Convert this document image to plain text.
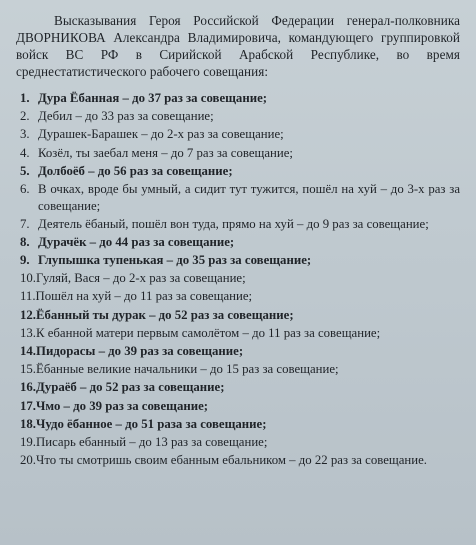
Высказывания Героя Российской Федерации генерал-полковника ДВОРНИКОВА Александра Владимировича, командующего группировкой войск ВС РФ в Сирийской Арабской Республике, во время среднестатистического рабочего совещания:

1. Дура Ёбанная – до 37 раз за совещание;
2. Дебил – до 33 раз за совещание;
3. Дурашек-Барашек – до 2-х раз за совещание;
4. Козёл, ты заебал меня – до 7 раз за совещание;
5. Долбоёб – до 56 раз за совещание;
6. В очках, вроде бы умный, а сидит тут тужится, пошёл на хуй – до 3-х раз за совещание;
7. Деятель ёбаный, пошёл вон туда, прямо на хуй – до 9 раз за совещание;
8. Дурачёк – до 44 раз за совещание;
9. Глупышка тупенькая – до 35 раз за совещание;
10. Гуляй, Вася – до 2-х раз за совещание;
11. Пошёл на хуй – до 11 раз за совещание;
12. Ёбанный ты дурак – до 52 раз за совещание;
13. К ебанной матери первым самолётом – до 11 раз за совещание;
14. Пидорасы – до 39 раз за совещание;
15. Ёбанные великие начальники – до 15 раз за совещание;
16. Дураёб – до 52 раз за совещание;
17. Чмо – до 39 раз за совещание;
18. Чудо ёбанное – до 51 раза за совещание;
19. Писарь ебанный – до 13 раз за совещание;
20. Что ты смотришь своим ебанным ебальником – до 22 раз за совещание.
